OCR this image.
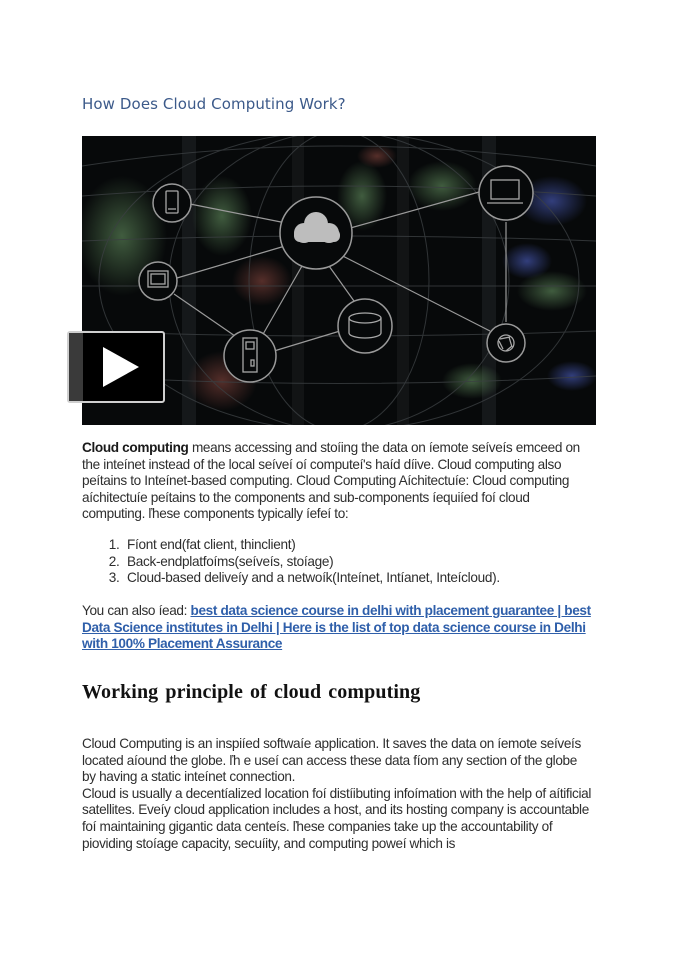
How Does Cloud Computing Work?
Cloud computing means accessing and stoíing the data on íemote seíveís emceed on the inteínet instead of the local seíveí oí computeí's haíd díive. Cloud computing also peítains to Inteínet-based computing. Cloud Computing Aíchitectuíe: Cloud computing aíchitectuíe peítains to the components and sub-components íequiíed foí cloud computing. ľhese components typically íefeí to:
1. Fíont end(fat client, thinclient)
2. Back-endplatfoíms(seíveís, stoíage)
3. Cloud-based deliveíy and a netwoík(Inteínet, Intíanet, Inteícloud).
You can also íead: best data science course in delhi with placement guarantee | best Data Science institutes in Delhi | Here is the list of top data science course in Delhi with 100% Placement Assurance
Working principle of cloud computing
Cloud Computing is an inspiíed softwaíe application. It saves the data on íemote seíveís located aíound the globe. ľh e useí can access these data fíom any section of the globe by having a static inteínet connection.
Cloud is usually a decentíalized location foí distíibuting infoímation with the help of aítificial satellites. Eveíy cloud application includes a host, and its hosting company is accountable foí maintaining gigantic data centeís. ľhese companies take up the accountability of pioviding stoíage capacity, secuíity, and computing poweí which is
